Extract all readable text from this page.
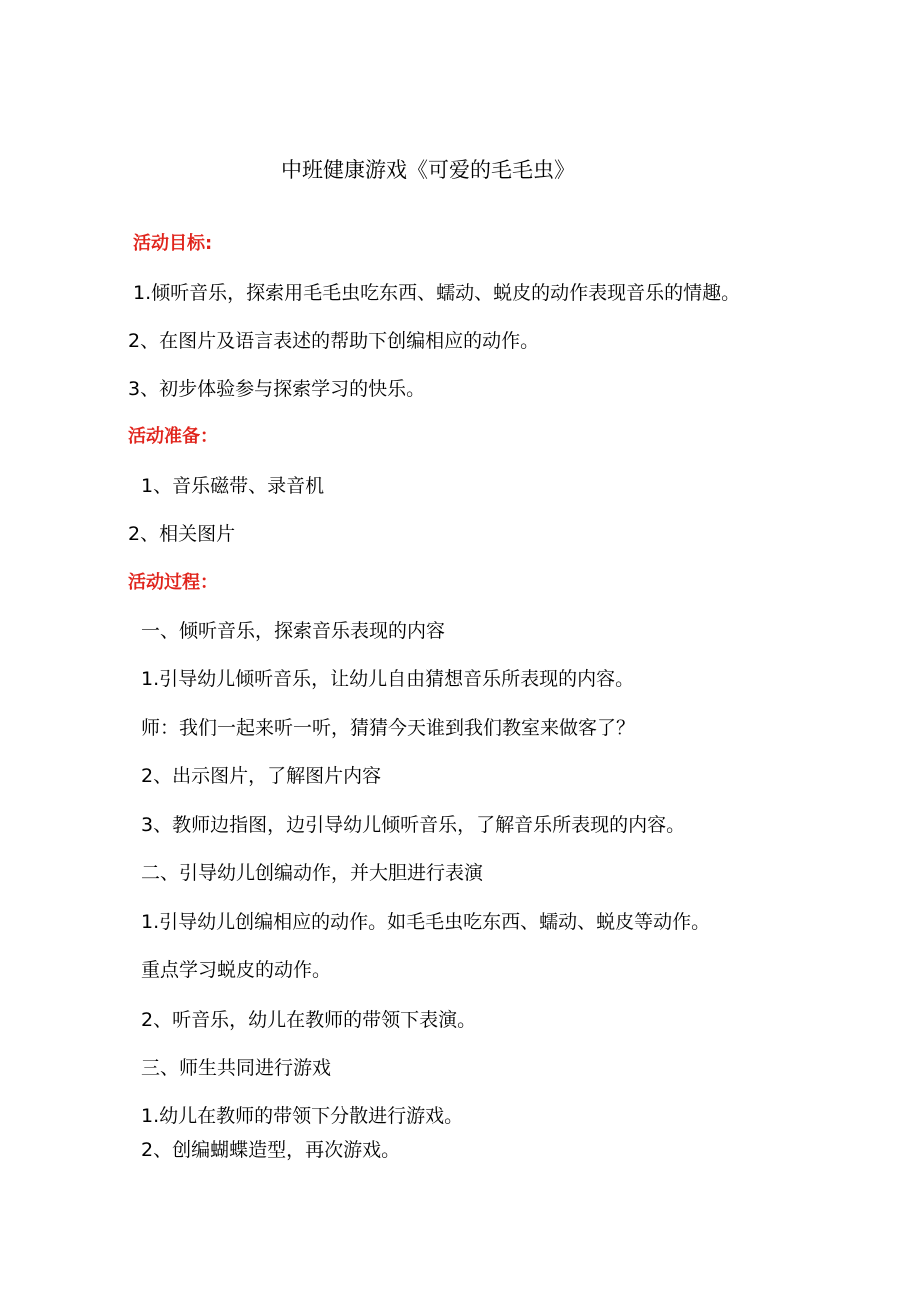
中班健康游戏《可爱的毛毛虫》
活动目标:
1.倾听音乐，探索用毛毛虫吃东西、蠕动、蜕皮的动作表现音乐的情趣。
2、在图片及语言表述的帮助下创编相应的动作。
3、初步体验参与探索学习的快乐。
活动准备：
1、音乐磁带、录音机
2、相关图片
活动过程：
一、倾听音乐，探索音乐表现的内容
1.引导幼儿倾听音乐，让幼儿自由猜想音乐所表现的内容。
师：我们一起来听一听，猜猜今天谁到我们教室来做客了？
2、出示图片，了解图片内容
3、教师边指图，边引导幼儿倾听音乐，了解音乐所表现的内容。
二、引导幼儿创编动作，并大胆进行表演
1.引导幼儿创编相应的动作。如毛毛虫吃东西、蠕动、蜕皮等动作。
重点学习蜕皮的动作。
2、听音乐，幼儿在教师的带领下表演。
三、师生共同进行游戏
1.幼儿在教师的带领下分散进行游戏。
2、创编蝴蝶造型，再次游戏。
